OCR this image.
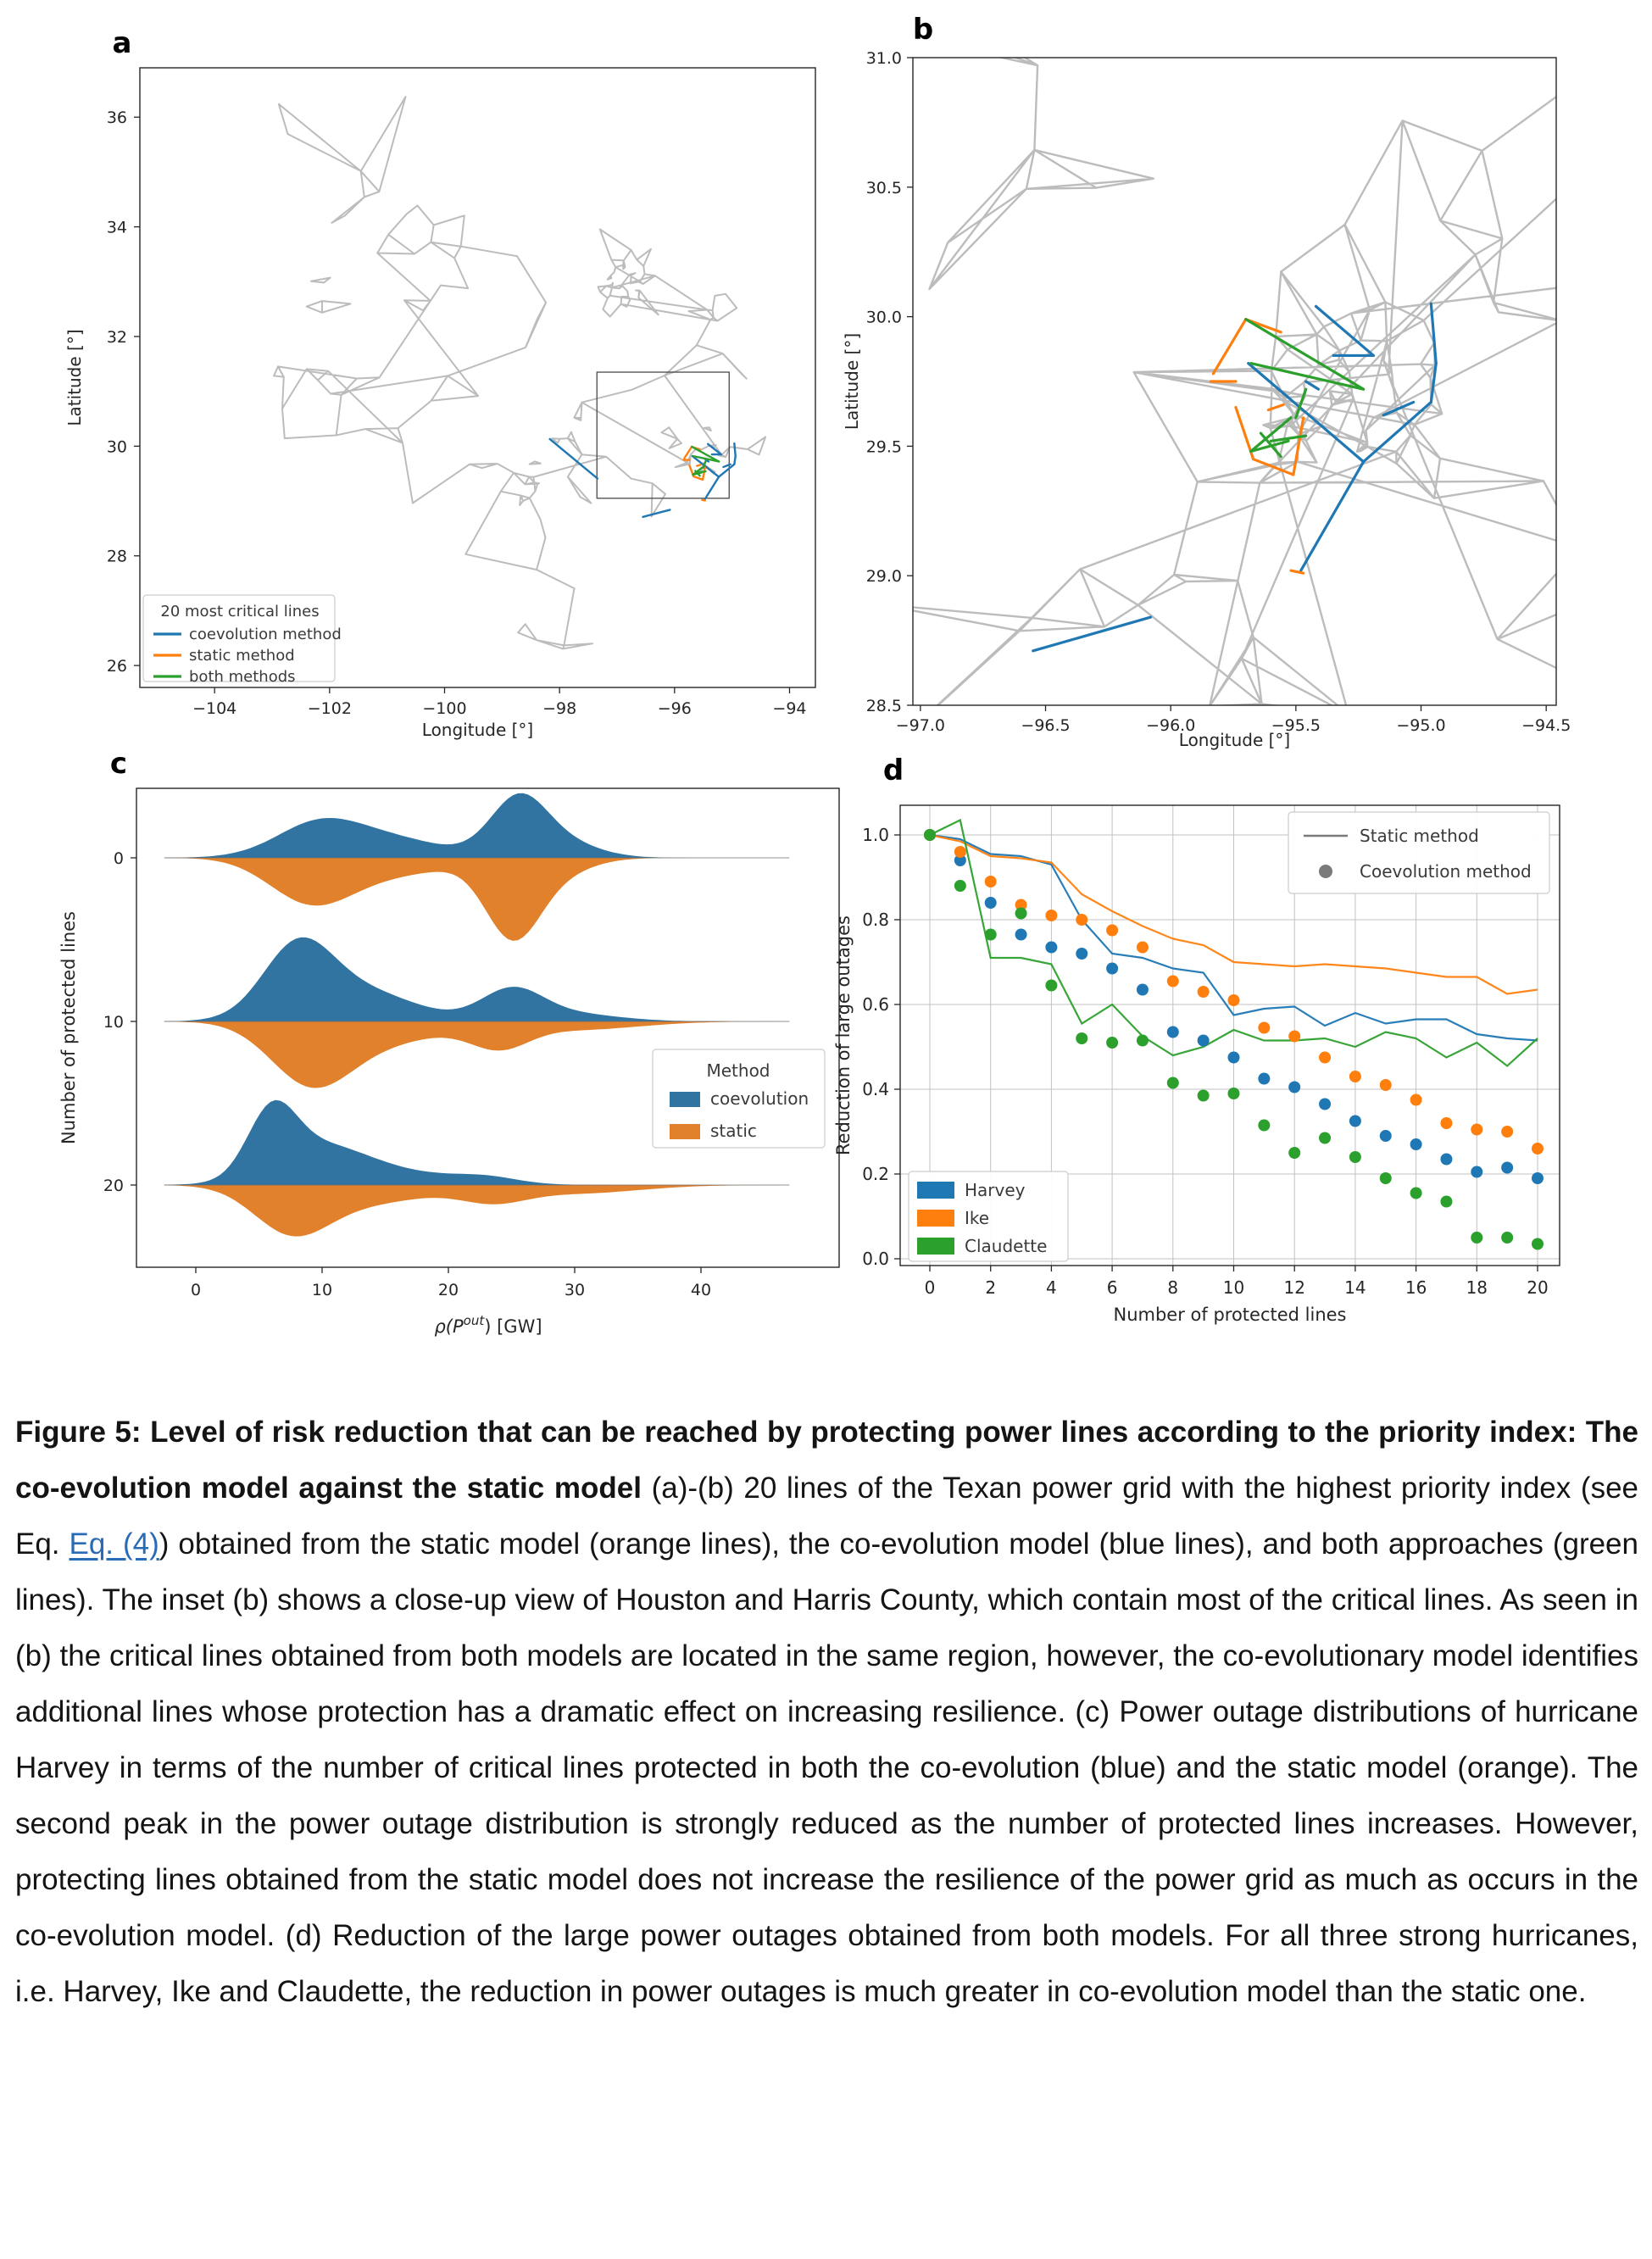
−104	−102	−100	−98	−96	−94
36
34
32
30
28
26
Longitude [°]
Latitude [°]
20 most critical lines
coevolution method
static method
both methods
a
−97.0	−96.5	−96.0	−95.5	−95.0	−94.5
31.0
30.5
30.0
29.5
29.0
28.5
Longitude [°]
Latitude [°]
b
0
10
20
0	10	20	30	40
$\rho(P^{out})$ [GW]
Number of protected lines	Method
coevolution
static
c
0	2	4	6	8	10 12 14 16 18 20
0.0
0.2
0.4
0.6
0.8
1.0
Number of protected lines
Reduction of large outages
Static method
Coevolution method
Harvey
Ike
Claudette
d

Figure 5: Level of risk reduction that can be reached by protecting power lines according to the priority index: The co-evolution model against the static model (a)-(b) 20 lines of the Texan power grid with the highest priority index (see Eq. Eq. (4)) obtained from the static model (orange lines), the co-evolution model (blue lines), and both approaches (green lines). The inset (b) shows a close-up view of Houston and Harris County, which contain most of the critical lines. As seen in (b) the critical lines obtained from both models are located in the same region, however, the co-evolutionary model identifies additional lines whose protection has a dramatic effect on increasing resilience. (c) Power outage distributions of hurricane Harvey in terms of the number of critical lines protected in both the co-evolution (blue) and the static model (orange). The second peak in the power outage distribution is strongly reduced as the number of protected lines increases. However, protecting lines obtained from the static model does not increase the resilience of the power grid as much as occurs in the co-evolution model. (d) Reduction of the large power outages obtained from both models. For all three strong hurricanes, i.e. Harvey, Ike and Claudette, the reduction in power outages is much greater in co-evolution model than the static one.
